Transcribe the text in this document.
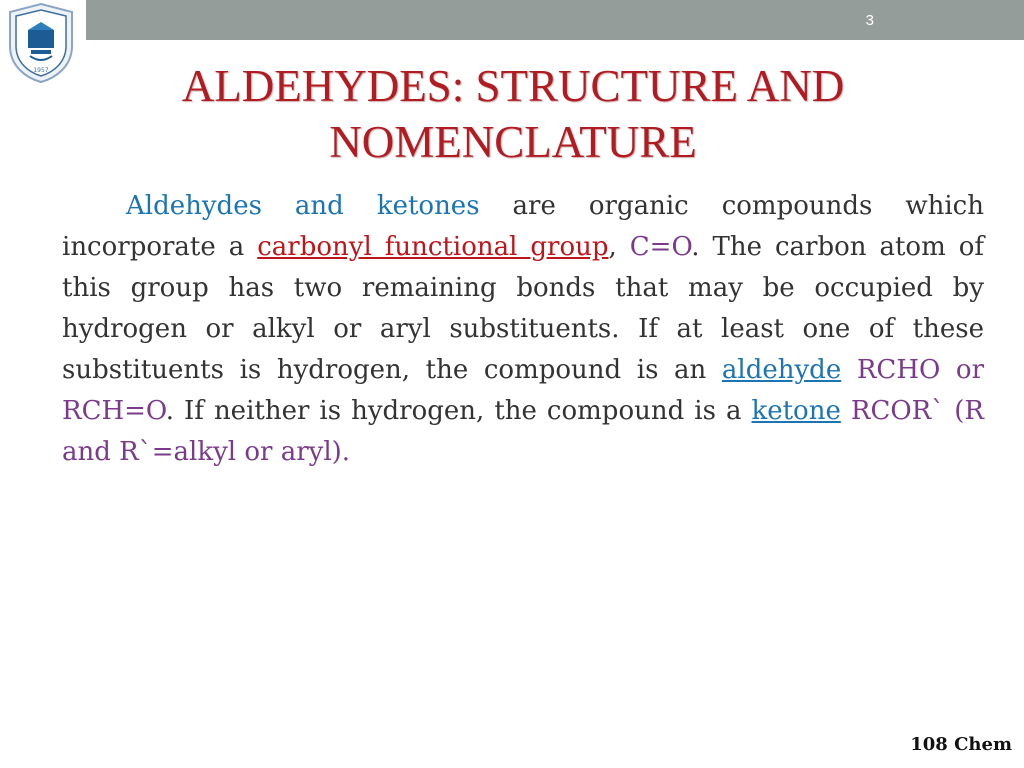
3
1957	ALDEHYDES: STRUCTURE AND
NOMENCLATURE

Aldehydes and ketones are organic compounds which incorporate a carbonyl functional group, C=O. The carbon atom of this group has two remaining bonds that may be occupied by hydrogen or alkyl or aryl substituents. If at least one of these substituents is hydrogen, the compound is an aldehyde RCHO or RCH=O. If neither is hydrogen, the compound is a ketone RCOR` (R and R`=alkyl or aryl).

108 Chem
